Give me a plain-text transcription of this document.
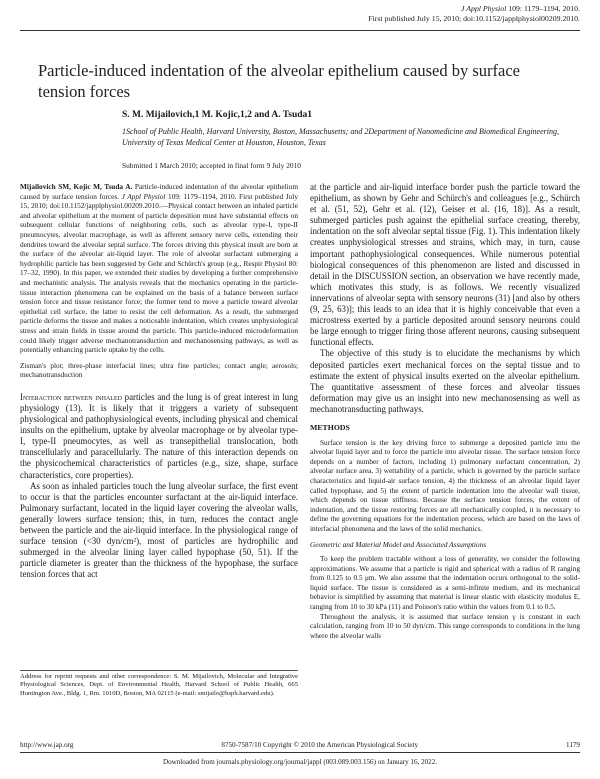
J Appl Physiol 109: 1179–1194, 2010.
First published July 15, 2010; doi:10.1152/japplphysiol00209.2010.
Particle-induced indentation of the alveolar epithelium caused by surface tension forces
S. M. Mijailovich,1 M. Kojic,1,2 and A. Tsuda1
1School of Public Health, Harvard University, Boston, Massachusetts; and 2Department of Nanomedicine and Biomedical Engineering, University of Texas Medical Center at Houston, Houston, Texas
Submitted 1 March 2010; accepted in final form 9 July 2010

Mijailovich SM, Kojic M, Tsuda A. Particle-induced indentation of the alveolar epithelium caused by surface tension forces. J Appl Physiol 109: 1179–1194, 2010. First published July 15, 2010; doi:10.1152/japplphysiol.00209.2010.—Physical contact between an inhaled particle and alveolar epithelium at the moment of particle deposition must have substantial effects on subsequent cellular functions of neighboring cells, such as alveolar type-I, type-II pneumocytes, alveolar macrophage, as well as afferent sensory nerve cells, extending their dendrites toward the alveolar septal surface. The forces driving this physical insult are born at the surface of the alveolar air-liquid layer. The role of alveolar surfactant submerging a hydrophilic particle has been suggested by Gehr and Schürch's group (e.g., Respir Physiol 80: 17–32, 1990). In this paper, we extended their studies by developing a further comprehensive and mechanistic analysis. The analysis reveals that the mechanics operating in the particle-tissue interaction phenomena can be explained on the basis of a balance between surface tension force and tissue resistance force; the former tend to move a particle toward alveolar epithelial cell surface, the latter to resist the cell deformation. As a result, the submerged particle deforms the tissue and makes a noticeable indentation, which creates unphysiological stress and strain fields in tissue around the particle. This particle-induced microdeformation could likely trigger adverse mechanotransduction and mechanosensing pathways, as well as potentially enhancing particle uptake by the cells.

Zisman's plot; three-phase interfacial lines; ultra fine particles; contact angle; aerosols; mechanotransduction

Interaction between inhaled particles and the lung is of great interest in lung physiology (13). It is likely that it triggers a variety of subsequent physiological and pathophysiological events, including physical and chemical insults on the epithelium, uptake by alveolar macrophage or by alveolar type-I, type-II pneumocytes, as well as transepithelial translocation, both transcellularly and paracellularly. The nature of this interaction depends on the physicochemical characteristics of particles (e.g., size, shape, surface characteristics, core properties).

As soon as inhaled particles touch the lung alveolar surface, the first event to occur is that the particles encounter surfactant at the air-liquid interface. Pulmonary surfactant, located in the liquid layer covering the alveolar walls, generally lowers surface tension; this, in turn, reduces the contact angle between the particle and the air-liquid interface. In the physiological range of surface tension (<30 dyn/cm²), most of particles are hydrophilic and submerged in the alveolar lining layer called hypophase (50, 51). If the particle diameter is greater than the thickness of the hypophase, the surface tension forces that act

Address for reprint requests and other correspondence: S. M. Mijailovich, Molecular and Integrative Physiological Sciences, Dept. of Environmental Health, Harvard School of Public Health, 665 Huntington Ave., Bldg. 1, Rm. 1010D, Boston, MA 02115 (e-mail: smijailo@hsph.harvard.edu).

at the particle and air-liquid interface border push the particle toward the epithelium, as shown by Gehr and Schürch's and colleagues [e.g., Schürch et al. (51, 52), Gehr et al. (12), Geiser et al. (16, 18)]. As a result, submerged particles push against the epithelial surface creating, thereby, indentation on the soft alveolar septal tissue (Fig. 1). This indentation likely creates unphysiological stresses and strains, which may, in turn, cause important pathophysiological consequences. While numerous potential biological consequences of this phenomenon are listed and discussed in detail in the DISCUSSION section, an observation we have recently made, which motivates this study, is as follows. We recently visualized innervations of alveolar septa with sensory neurons (31) [and also by others (9, 25, 63)]; this leads to an idea that it is highly conceivable that even a microstress exerted by a particle deposited around sensory neurons could be large enough to trigger firing those afferent neurons, causing subsequent functional effects.

The objective of this study is to elucidate the mechanisms by which deposited particles exert mechanical forces on the septal tissue and to estimate the extent of physical insults exerted on the alveolar epithelium. The quantitative assessment of these forces and alveolar tissues deformation may give us an insight into new mechanosensing as well as mechanotransducting pathways.

METHODS

Surface tension is the key driving force to submerge a deposited particle into the alveolar liquid layer and to force the particle into alveolar tissue. The surface tension force depends on a number of factors, including 1) pulmonary surfactant concentration, 2) alveolar surface area, 3) wettability of a particle, which is governed by the particle surface characteristics and liquid-air surface tension, 4) the thickness of an alveolar liquid layer called hypophase, and 5) the extent of particle indentation into the alveolar wall tissue, which depends on tissue stiffness. Because the surface tension forces, the extent of indentation, and the tissue restoring forces are all mechanically coupled, it is necessary to define the governing equations for the indentation process, which are based on the laws of interfacial phenomena and the laws of the solid mechanics.

Geometric and Material Model and Associated Assumptions

To keep the problem tractable without a loss of generality, we consider the following approximations. We assume that a particle is rigid and spherical with a radius of R ranging from 0.125 to 0.5 μm. We also assume that the indentation occurs orthogonal to the solid-liquid surface. The tissue is considered as a semi-infinite medium, and its mechanical behavior is simplified by assuming that material is linear elastic with elasticity modulus E, ranging from 10 to 30 kPa (11) and Poisson's ratio within the values from 0.1 to 0.5.

Throughout the analysis, it is assumed that surface tension γ is constant in each calculation, ranging from 10 to 50 dyn/cm. This range corresponds to conditions in the lung where the alveolar walls

http://www.jap.org	8750-7587/10 Copyright © 2010 the American Physiological Society	1179
Downloaded from journals.physiology.org/journal/jappl (003.089.003.156) on January 16, 2022.
